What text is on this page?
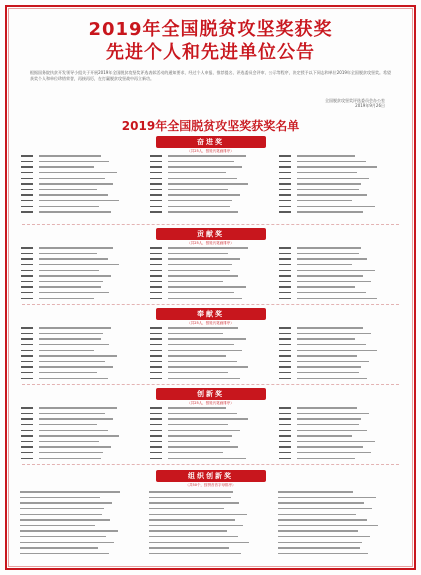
2019年全国脱贫攻坚奖获奖
先进个人和先进单位公告
根据国务院扶贫开发领导小组关于开展2019年全国脱贫攻坚奖评选表彰活动的通知要求，经过个人申报、推荐提名、评选委员会评审、公示等程序，决定授予以下同志和单位2019年全国脱贫攻坚奖。希望获奖个人和单位珍惜荣誉，再接再厉，在打赢脱贫攻坚战中再立新功。
全国脱贫攻坚奖评选委员会办公室
2019年9月26日
2019年全国脱贫攻坚奖获奖名单
奋进奖
（共25人，按姓氏笔画排序）
贡献奖
（共25人，按姓氏笔画排序）
奉献奖
（共25人，按姓氏笔画排序）
创新奖
（共25人，按姓氏笔画排序）
组织创新奖
（共50个，按拼音首字母排序）
